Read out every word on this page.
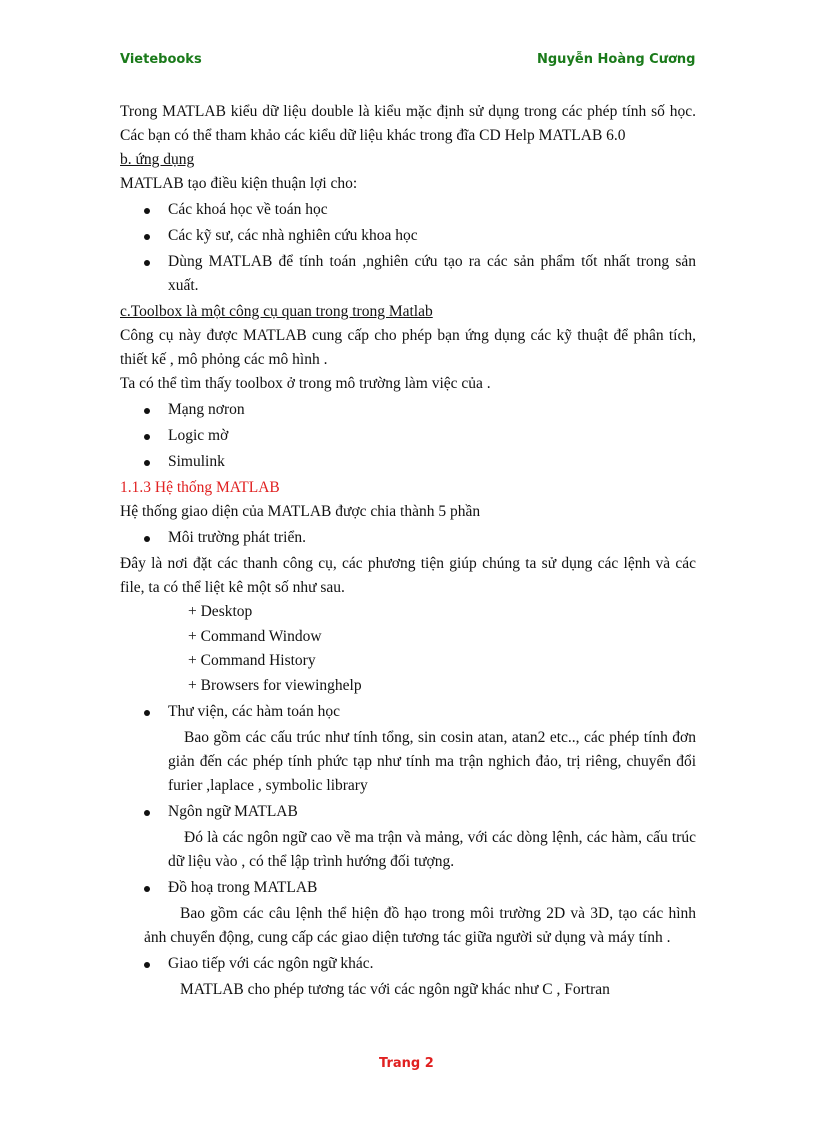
Vietebooks	Nguyễn Hoàng Cương

Trong MATLAB kiểu dữ liệu double là kiểu mặc định sử dụng trong các phép tính số học. Các bạn có thể tham khảo các kiểu dữ liệu khác trong đĩa CD Help MATLAB 6.0

b. ứng dụng

MATLAB tạo điều kiện thuận lợi cho:

Các khoá học về toán học
Các kỹ sư, các nhà nghiên cứu khoa học
Dùng MATLAB để tính toán ,nghiên cứu tạo ra các sản phẩm tốt nhất trong sản xuất.

c.Toolbox là một công cụ quan trong trong Matlab

Công cụ này được MATLAB cung cấp cho phép bạn ứng dụng các kỹ thuật để phân tích, thiết kế , mô phỏng các mô hình .

Ta có thể tìm thấy toolbox ở trong mô trường làm việc của .

Mạng nơron
Logic mờ
Simulink

1.1.3 Hệ thống MATLAB

Hệ thống giao diện của MATLAB được chia thành 5 phần

Môi trường phát triển.

Đây là nơi đặt các thanh công cụ, các phương tiện giúp chúng ta sử dụng các lệnh và các file, ta có thể liệt kê một số như sau.

+ Desktop

+ Command Window

+ Command History

+ Browsers for viewinghelp

Thư viện, các hàm toán học

Bao gồm các cấu trúc như tính tổng, sin cosin atan, atan2 etc.., các phép tính đơn giản đến các phép tính phức tạp như tính ma trận nghich đảo, trị riêng, chuyển đổi furier ,laplace , symbolic library

Ngôn ngữ MATLAB

Đó là các ngôn ngữ cao về ma trận và mảng, với các dòng lệnh, các hàm, cấu trúc dữ liệu vào , có thể lập trình hướng đối tượng.

Đồ hoạ trong MATLAB

Bao gồm các câu lệnh thể hiện đồ hạo trong môi trường 2D và 3D, tạo các hình ảnh chuyển động, cung cấp các giao diện tương tác giữa người sử dụng và máy tính .

Giao tiếp với các ngôn ngữ khác.

MATLAB cho phép tương tác với các ngôn ngữ khác như C , Fortran

Trang 2
